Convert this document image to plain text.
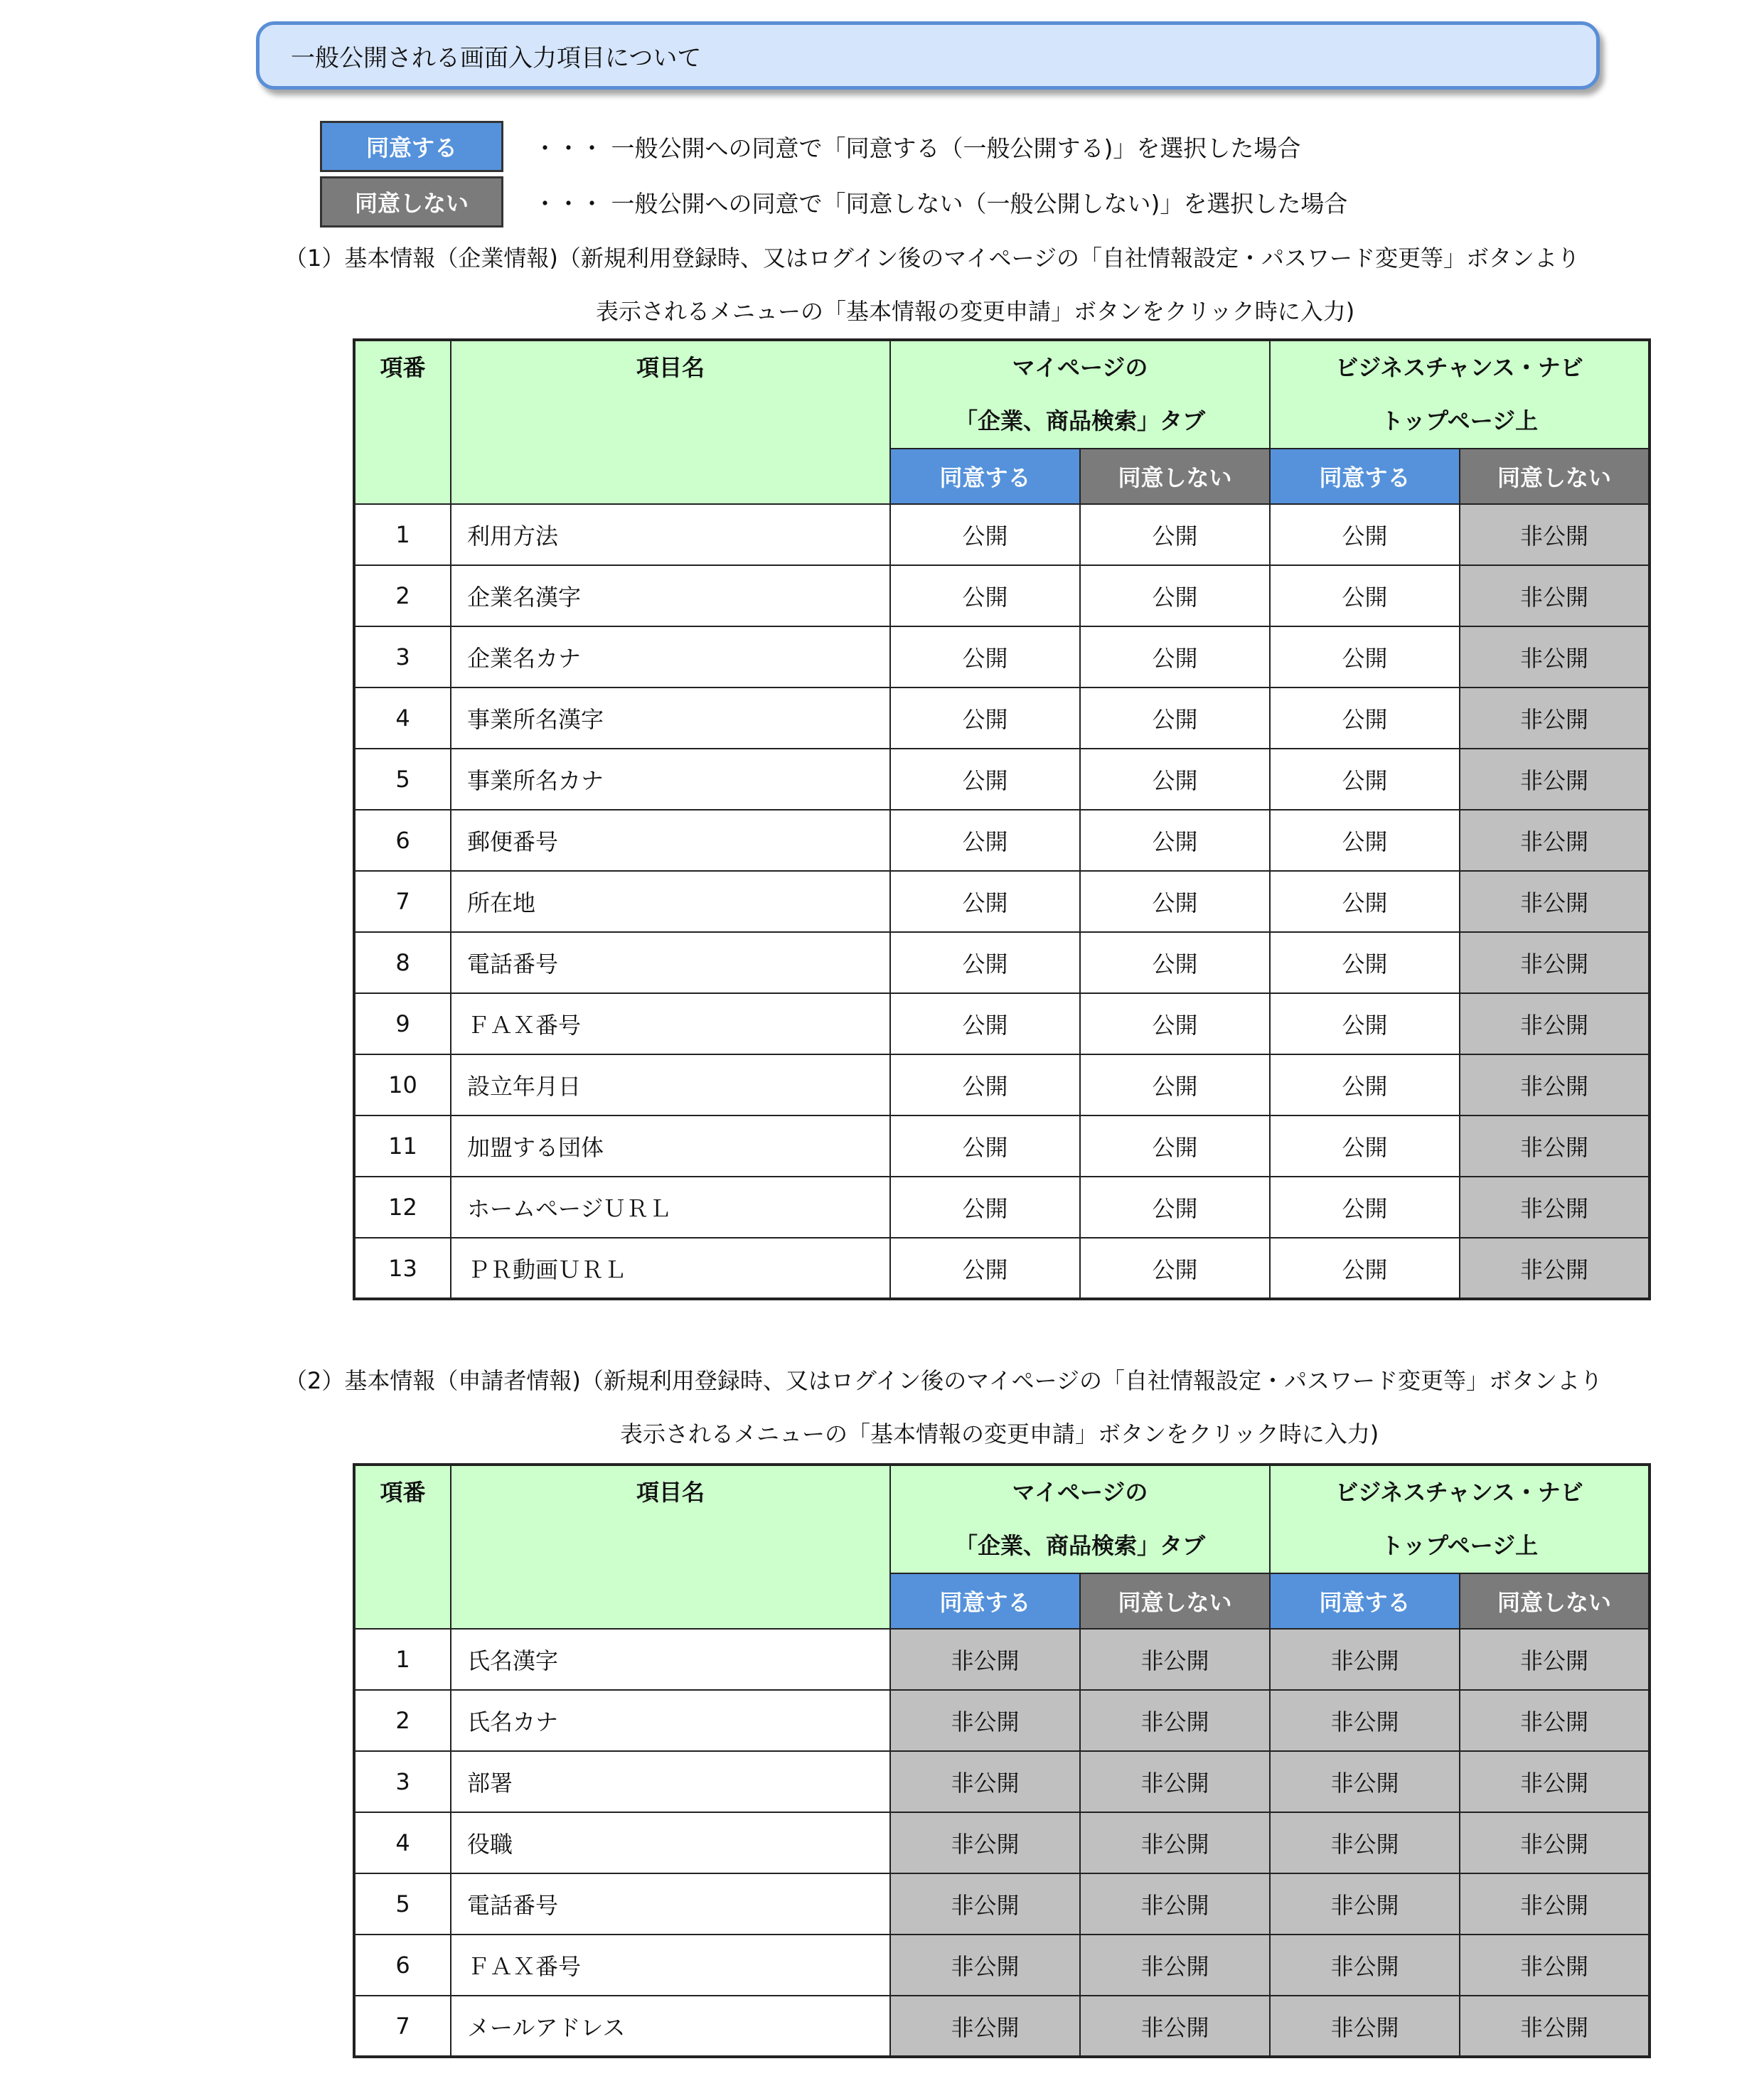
一般公開される画面入力項目について
同意する	・・・ 一般公開への同意で「同意する（一般公開する)」を選択した場合
同意しない	・・・ 一般公開への同意で「同意しない（一般公開しない)」を選択した場合
（1）基本情報（企業情報)（新規利用登録時、又はログイン後のマイページの「自社情報設定・パスワード変更等」ボタンより
表示されるメニューの「基本情報の変更申請」ボタンをクリック時に入力)
項番	項目名	マイページの
「企業、商品検索」タブ		ビジネスチャンス・ナビ
トップページ上	
		同意する	同意しない	同意する	同意しない
1	利用方法	公開	公開	公開	非公開
2	企業名漢字	公開	公開	公開	非公開
3	企業名カナ	公開	公開	公開	非公開
4	事業所名漢字	公開	公開	公開	非公開
5	事業所名カナ	公開	公開	公開	非公開
6	郵便番号	公開	公開	公開	非公開
7	所在地	公開	公開	公開	非公開
8	電話番号	公開	公開	公開	非公開
9	ＦＡＸ番号	公開	公開	公開	非公開
10	設立年月日	公開	公開	公開	非公開
11	加盟する団体	公開	公開	公開	非公開
12	ホームページＵＲＬ	公開	公開	公開	非公開
13	ＰＲ動画ＵＲＬ	公開	公開	公開	非公開
（2）基本情報（申請者情報)（新規利用登録時、又はログイン後のマイページの「自社情報設定・パスワード変更等」ボタンより
表示されるメニューの「基本情報の変更申請」ボタンをクリック時に入力)
項番	項目名	マイページの
「企業、商品検索」タブ		ビジネスチャンス・ナビ
トップページ上	
		同意する	同意しない	同意する	同意しない
1	氏名漢字	非公開	非公開	非公開	非公開
2	氏名カナ	非公開	非公開	非公開	非公開
3	部署	非公開	非公開	非公開	非公開
4	役職	非公開	非公開	非公開	非公開
5	電話番号	非公開	非公開	非公開	非公開
6	ＦＡＸ番号	非公開	非公開	非公開	非公開
7	メールアドレス	非公開	非公開	非公開	非公開
